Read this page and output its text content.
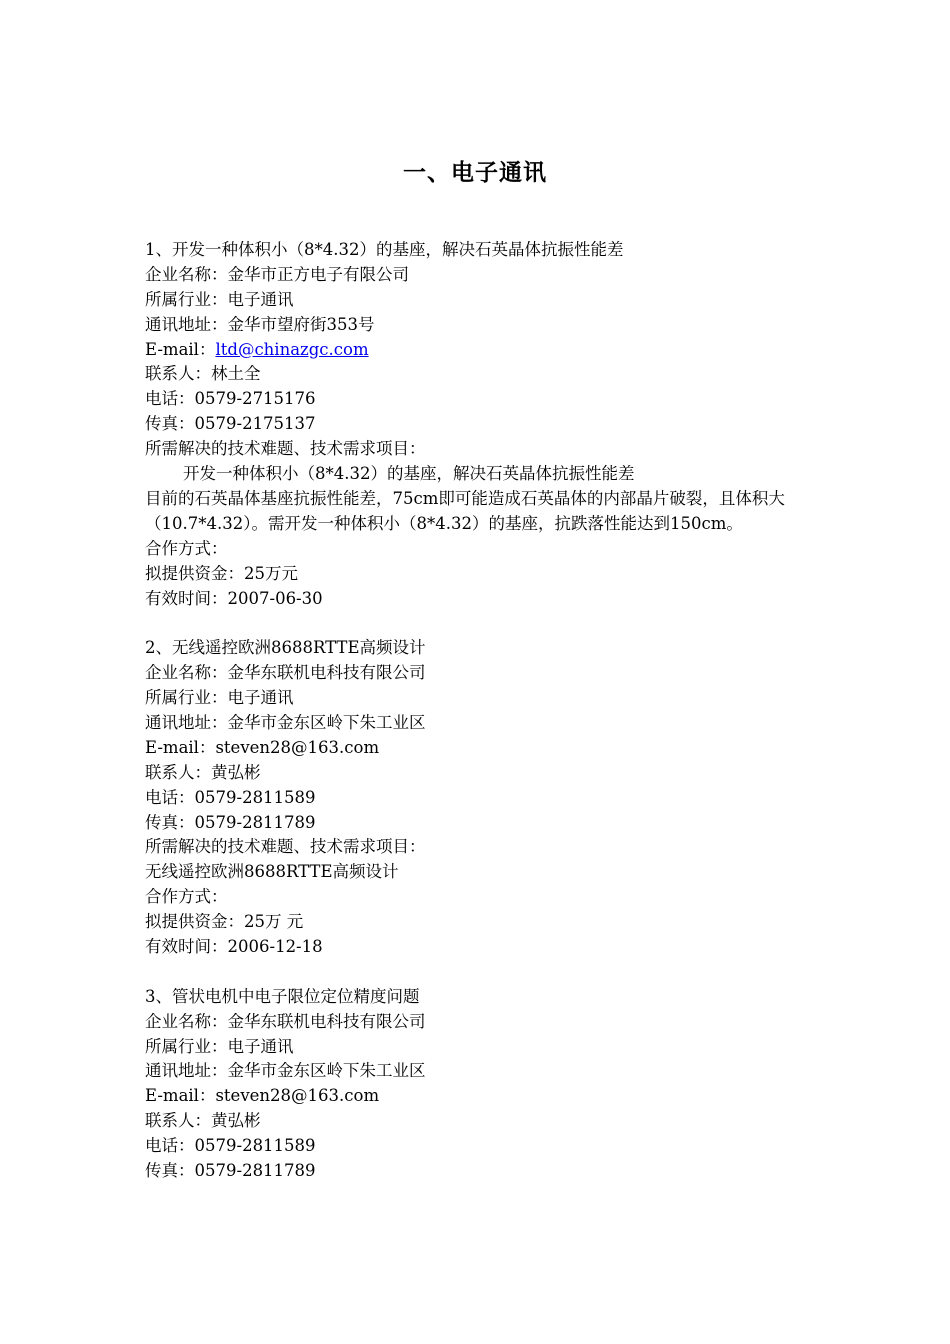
一、电子通讯
1、开发一种体积小（8*4.32）的基座，解决石英晶体抗振性能差
企业名称：金华市正方电子有限公司
所属行业：电子通讯
通讯地址：金华市望府街353号
E-mail：ltd@chinazgc.com
联系人：林土全
电话：0579-2715176
传真：0579-2175137
所需解决的技术难题、技术需求项目：
开发一种体积小（8*4.32）的基座，解决石英晶体抗振性能差
目前的石英晶体基座抗振性能差，75cm即可能造成石英晶体的内部晶片破裂，且体积大（10.7*4.32）。需开发一种体积小（8*4.32）的基座，抗跌落性能达到150cm。
合作方式：
拟提供资金：25万元
有效时间：2007-06-30
2、无线遥控欧洲8688RTTE高频设计
企业名称：金华东联机电科技有限公司
所属行业：电子通讯
通讯地址：金华市金东区岭下朱工业区
E-mail：steven28@163.com
联系人：黄弘彬
电话：0579-2811589
传真：0579-2811789
所需解决的技术难题、技术需求项目：
无线遥控欧洲8688RTTE高频设计
合作方式：
拟提供资金：25万 元
有效时间：2006-12-18
3、管状电机中电子限位定位精度问题
企业名称：金华东联机电科技有限公司
所属行业：电子通讯
通讯地址：金华市金东区岭下朱工业区
E-mail：steven28@163.com
联系人：黄弘彬
电话：0579-2811589
传真：0579-2811789
